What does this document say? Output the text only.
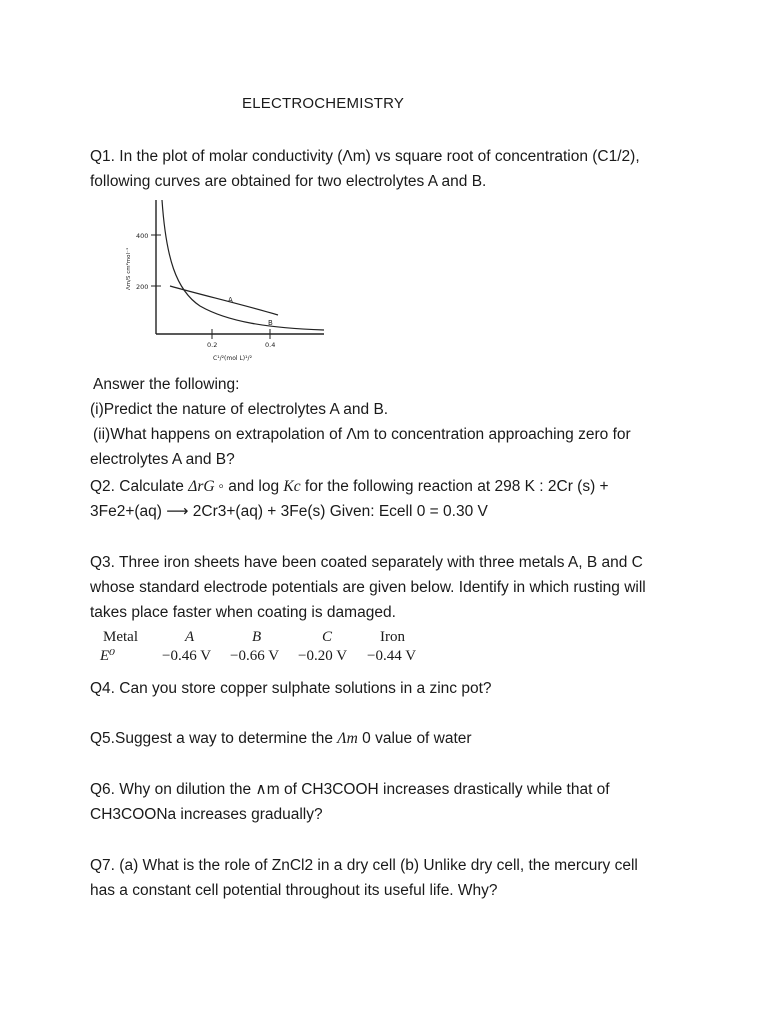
ELECTROCHEMISTRY

Q1. In the plot of molar conductivity (Λm) vs square root of concentration (C1/2),

following curves are obtained for two electrolytes A and B.

400
200
0.2	0.4
C¹/²(mol L)¹/²
Λm/S cm²mol⁻¹
A
B

Answer the following:

(i)Predict the nature of electrolytes A and B.

(ii)What happens on extrapolation of Λm to concentration approaching zero for

electrolytes A and B?

Q2. Calculate ΔrG ◦ and log Kc for the following reaction at 298 K : 2Cr (s) +

3Fe2+(aq) ⟶ 2Cr3+(aq) + 3Fe(s) Given: Ecell 0 = 0.30 V

Q3. Three iron sheets have been coated separately with three metals A, B and C

whose standard electrode potentials are given below. Identify in which rusting will

takes place faster when coating is damaged.

Metal	A	B	C	Iron
E⁰	−0.46 V −0.66 V −0.20 V −0.44 V

Q4. Can you store copper sulphate solutions in a zinc pot?

Q5.Suggest a way to determine the Λm 0 value of water

Q6. Why on dilution the ∧m of CH3COOH increases drastically while that of

CH3COONa increases gradually?

Q7. (a) What is the role of ZnCl2 in a dry cell (b) Unlike dry cell, the mercury cell

has a constant cell potential throughout its useful life. Why?
